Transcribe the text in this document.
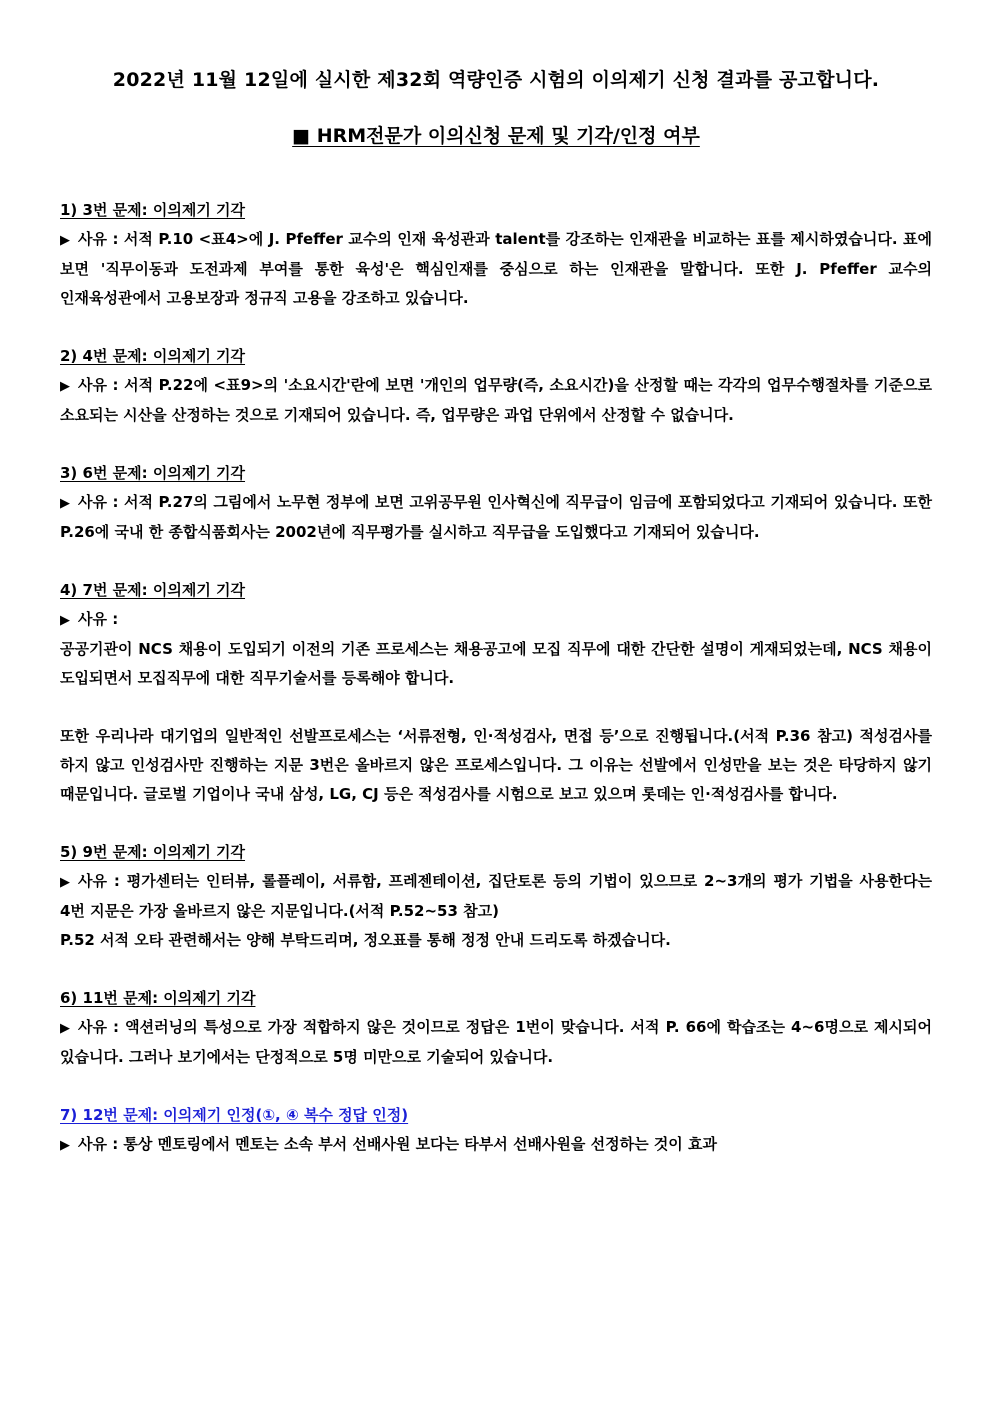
2022년 11월 12일에 실시한 제32회 역량인증 시험의 이의제기 신청 결과를 공고합니다.
■ HRM전문가 이의신청 문제 및 기각/인정 여부

1) 3번 문제: 이의제기 기각

▶ 사유 : 서적 P.10 <표4>에 J. Pfeffer 교수의 인재 육성관과 talent를 강조하는 인재관을 비교하는 표를 제시하였습니다. 표에 보면 '직무이동과 도전과제 부여를 통한 육성'은 핵심인재를 중심으로 하는 인재관을 말합니다. 또한 J. Pfeffer 교수의 인재육성관에서 고용보장과 정규직 고용을 강조하고 있습니다.

2) 4번 문제: 이의제기 기각

▶ 사유 : 서적 P.22에 <표9>의 '소요시간'란에 보면 '개인의 업무량(즉, 소요시간)을 산정할 때는 각각의 업무수행절차를 기준으로 소요되는 시산을 산정하는 것으로 기재되어 있습니다. 즉, 업무량은 과업 단위에서 산정할 수 없습니다.

3) 6번 문제: 이의제기 기각

▶ 사유 : 서적 P.27의 그림에서 노무현 정부에 보면 고위공무원 인사혁신에 직무급이 임금에 포함되었다고 기재되어 있습니다. 또한 P.26에 국내 한 종합식품회사는 2002년에 직무평가를 실시하고 직무급을 도입했다고 기재되어 있습니다.

4) 7번 문제: 이의제기 기각

▶ 사유 :

공공기관이 NCS 채용이 도입되기 이전의 기존 프로세스는 채용공고에 모집 직무에 대한 간단한 설명이 게재되었는데, NCS 채용이 도입되면서 모집직무에 대한 직무기술서를 등록해야 합니다.

또한 우리나라 대기업의 일반적인 선발프로세스는 ‘서류전형, 인·적성검사, 면접 등’으로 진행됩니다.(서적 P.36 참고) 적성검사를 하지 않고 인성검사만 진행하는 지문 3번은 올바르지 않은 프로세스입니다. 그 이유는 선발에서 인성만을 보는 것은 타당하지 않기 때문입니다. 글로벌 기업이나 국내 삼성, LG, CJ 등은 적성검사를 시험으로 보고 있으며 롯데는 인·적성검사를 합니다.

5) 9번 문제: 이의제기 기각

▶ 사유 : 평가센터는 인터뷰, 롤플레이, 서류함, 프레젠테이션, 집단토론 등의 기법이 있으므로 2~3개의 평가 기법을 사용한다는 4번 지문은 가장 올바르지 않은 지문입니다.(서적 P.52~53 참고)

P.52 서적 오타 관련해서는 양해 부탁드리며, 정오표를 통해 정정 안내 드리도록 하겠습니다.

6) 11번 문제: 이의제기 기각

▶ 사유 : 액션러닝의 특성으로 가장 적합하지 않은 것이므로 정답은 1번이 맞습니다. 서적 P. 66에 학습조는 4~6명으로 제시되어 있습니다. 그러나 보기에서는 단정적으로 5명 미만으로 기술되어 있습니다.

7) 12번 문제: 이의제기 인정(①, ④ 복수 정답 인정)

▶ 사유 : 통상 멘토링에서 멘토는 소속 부서 선배사원 보다는 타부서 선배사원을 선정하는 것이 효과
